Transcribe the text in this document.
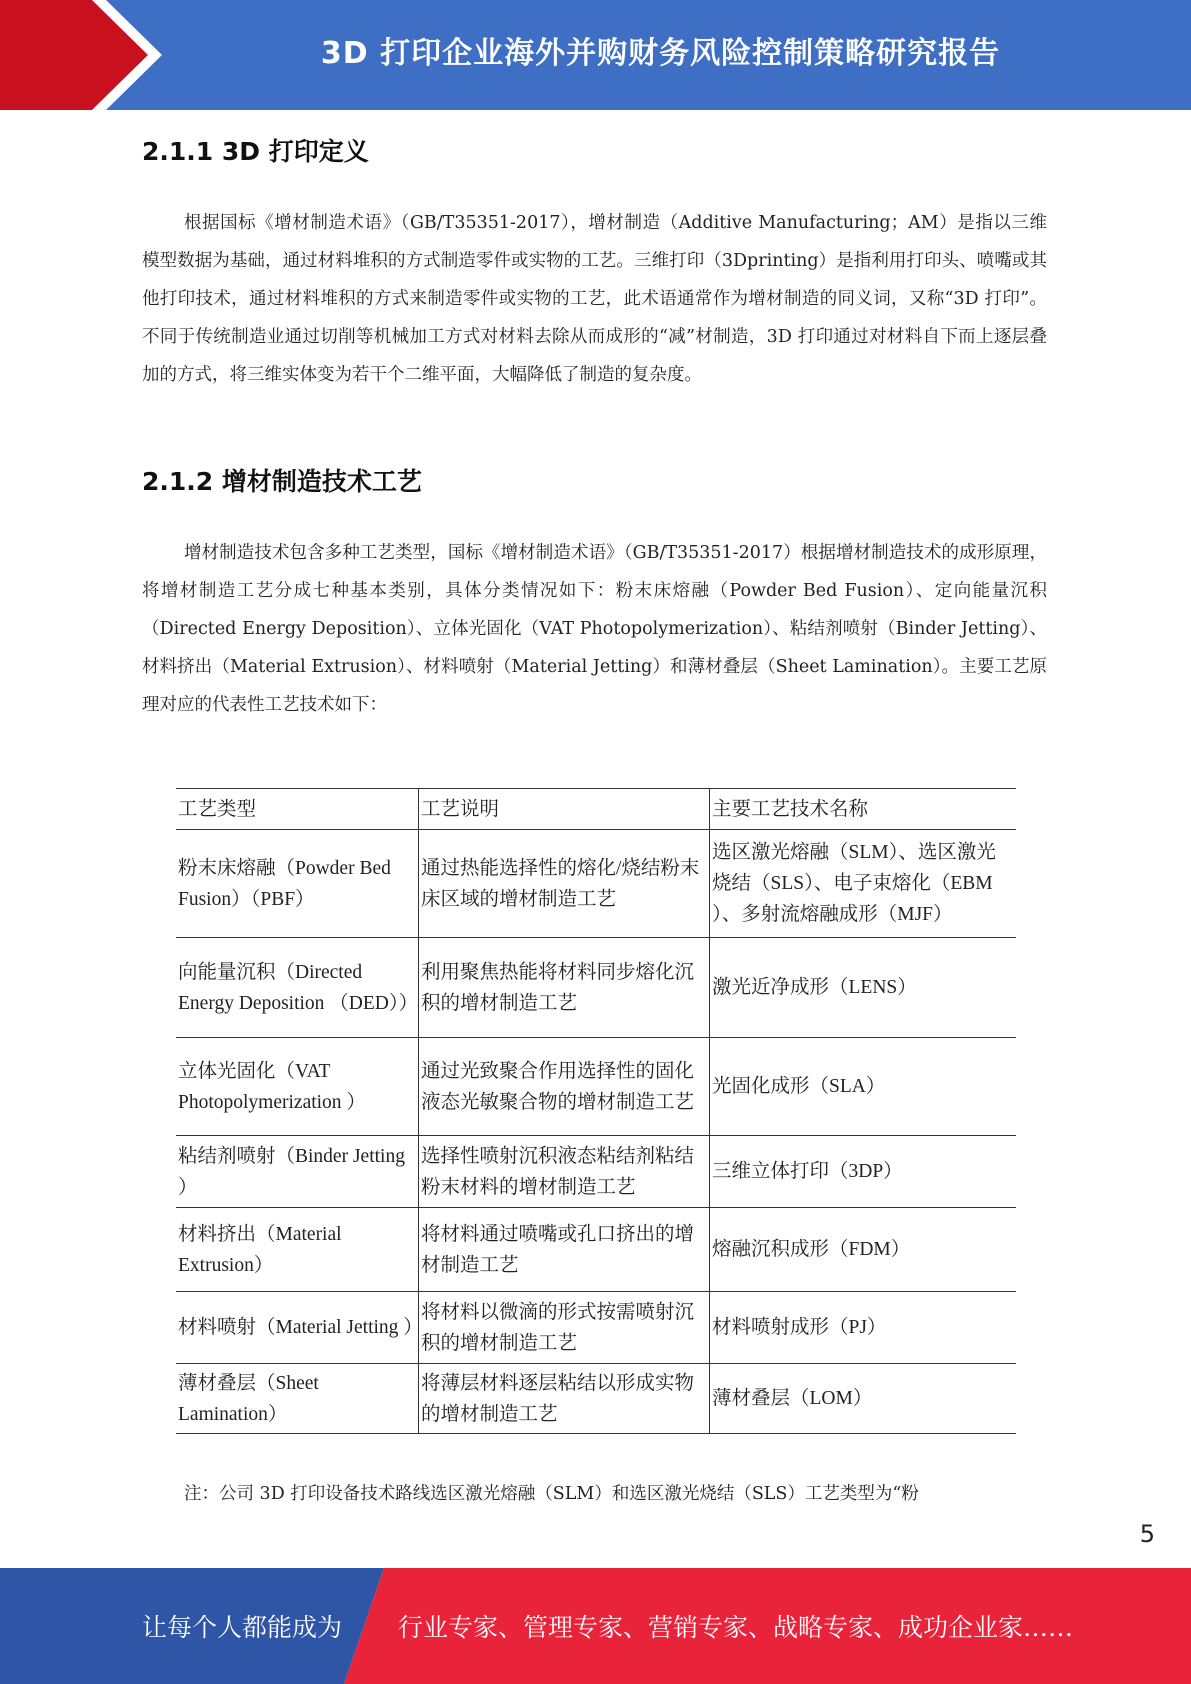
3D 打印企业海外并购财务风险控制策略研究报告
2.1.1 3D 打印定义

根据国标《增材制造术语》（GB/T35351-2017），增材制造（Additive Manufacturing；AM）是指以三维模型数据为基础，通过材料堆积的方式制造零件或实物的工艺。三维打印（3Dprinting）是指利用打印头、喷嘴或其他打印技术，通过材料堆积的方式来制造零件或实物的工艺，此术语通常作为增材制造的同义词，又称“3D 打印”。不同于传统制造业通过切削等机械加工方式对材料去除从而成形的“减”材制造，3D 打印通过对材料自下而上逐层叠加的方式，将三维实体变为若干个二维平面，大幅降低了制造的复杂度。

2.1.2 增材制造技术工艺

增材制造技术包含多种工艺类型，国标《增材制造术语》（GB/T35351-2017）根据增材制造技术的成形原理，将增材制造工艺分成七种基本类别，具体分类情况如下：粉末床熔融（Powder Bed Fusion）、定向能量沉积（Directed Energy Deposition）、立体光固化（VAT Photopolymerization）、粘结剂喷射（Binder Jetting）、材料挤出（Material Extrusion）、材料喷射（Material Jetting）和薄材叠层（Sheet Lamination）。主要工艺原理对应的代表性工艺技术如下：

工艺类型	工艺说明	主要工艺技术名称
粉末床熔融（Powder Bed Fusion）（PBF）	通过热能选择性的熔化/烧结粉末床区域的增材制造工艺	选区激光熔融（SLM）、选区激光烧结（SLS）、电子束熔化（EBM ）、多射流熔融成形（MJF）

向能量沉积（Directed Energy Deposition （DED））	利用聚焦热能将材料同步熔化沉积的增材制造工艺	激光近净成形（LENS）
立体光固化（VAT Photopolymerization ）	通过光致聚合作用选择性的固化液态光敏聚合物的增材制造工艺	光固化成形（SLA）
粘结剂喷射（Binder Jetting ）	选择性喷射沉积液态粘结剂粘结粉末材料的增材制造工艺	三维立体打印（3DP）
材料挤出（Material Extrusion）	将材料通过喷嘴或孔口挤出的增材制造工艺	熔融沉积成形（FDM）
材料喷射（Material Jetting ）	将材料以微滴的形式按需喷射沉积的增材制造工艺	材料喷射成形（PJ）
薄材叠层（Sheet Lamination）	将薄层材料逐层粘结以形成实物的增材制造工艺	薄材叠层（LOM）
注：公司 3D 打印设备技术路线选区激光熔融（SLM）和选区激光烧结（SLS）工艺类型为“粉
5
让每个人都能成为 行业专家、管理专家、营销专家、战略专家、成功企业家……
